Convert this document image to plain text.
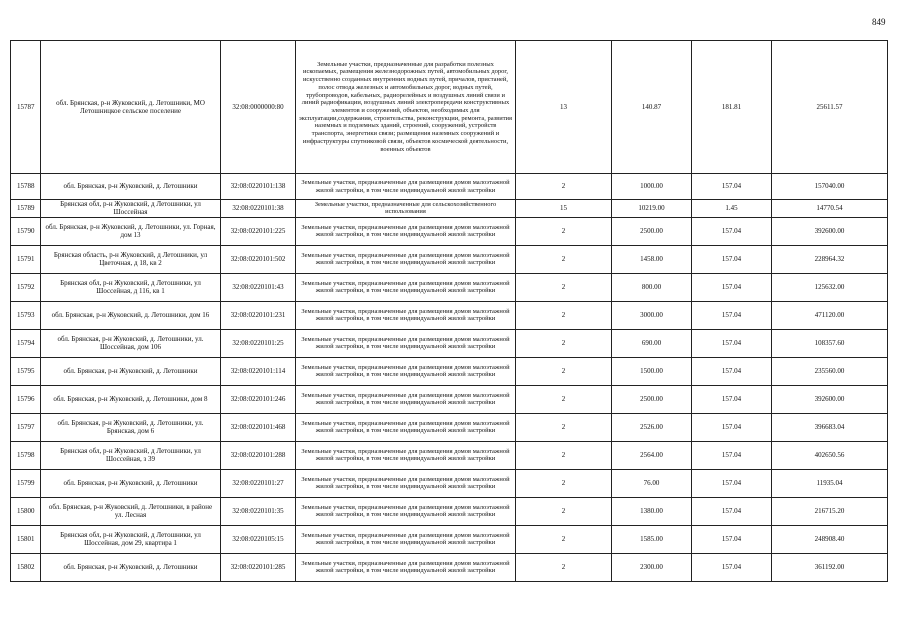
849
15787	обл. Брянская, р-н Жуковский, д. Летошники, МО Летошницкое сельское поселение	32:08:0000000:80	Земельные участки, предназначенные для разработки полезных ископаемых, размещения железнодорожных путей, автомобильных дорог, искусственно созданных внутренних водных путей, причалов, пристаней, полос отвода железных и автомобильных дорог, водных путей, трубопроводов, кабельных, радиорелейных и воздушных линий связи и линий радиофикации, воздушных линий электропередачи конструктивных элементов и сооружений, объектов, необходимых для эксплуатации,содержания, строительства, реконструкции, ремонта, развития наземных и подземных зданий, строений, сооружений, устройств транспорта, энергетики связи; размещения наземных сооружений и инфраструктуры спутниковой связи, объектов космической деятельности, военных объектов	13	140.87	181.81	25611.57
15788	обл. Брянская, р-н Жуковский, д. Летошники	32:08:0220101:138	Земельные участки, предназначенные для размещения домов малоэтажной жилой застройки, в том числе индивидуальной жилой застройки	2	1000.00	157.04	157040.00
15789	Брянская обл, р-н Жуковский, д Летошники, ул Шоссейная	32:08:0220101:38	Земельные участки, предназначенные для сельскохозяйственного использования	15	10219.00	1.45	14770.54
15790	обл. Брянская, р-н Жуковский, д. Летошники, ул. Горная, дом 13	32:08:0220101:225	Земельные участки, предназначенные для размещения домов малоэтажной жилой застройки, в том числе индивидуальной жилой застройки	2	2500.00	157.04	392600.00
15791	Брянская область, р-н Жуковский, д Летошники, ул Цветочная, д 18, кв 2	32:08:0220101:502	Земельные участки, предназначенные для размещения домов малоэтажной жилой застройки, в том числе индивидуальной жилой застройки	2	1458.00	157.04	228964.32
15792	Брянская обл, р-н Жуковский, д Летошники, ул Шоссейная, д 116, кв 1	32:08:0220101:43	Земельные участки, предназначенные для размещения домов малоэтажной жилой застройки, в том числе индивидуальной жилой застройки	2	800.00	157.04	125632.00
15793	обл. Брянская, р-н Жуковский, д. Летошники, дом 16	32:08:0220101:231	Земельные участки, предназначенные для размещения домов малоэтажной жилой застройки, в том числе индивидуальной жилой застройки	2	3000.00	157.04	471120.00
15794	обл. Брянская, р-н Жуковский, д. Летошники, ул. Шоссейная, дом 106	32:08:0220101:25	Земельные участки, предназначенные для размещения домов малоэтажной жилой застройки, в том числе индивидуальной жилой застройки	2	690.00	157.04	108357.60
15795	обл. Брянская, р-н Жуковский, д. Летошники	32:08:0220101:114	Земельные участки, предназначенные для размещения домов малоэтажной жилой застройки, в том числе индивидуальной жилой застройки	2	1500.00	157.04	235560.00
15796	обл. Брянская, р-н Жуковский, д. Летошники, дом 8	32:08:0220101:246	Земельные участки, предназначенные для размещения домов малоэтажной жилой застройки, в том числе индивидуальной жилой застройки	2	2500.00	157.04	392600.00
15797	обл. Брянская, р-н Жуковский, д. Летошники, ул. Брянская, дом 6	32:08:0220101:468	Земельные участки, предназначенные для размещения домов малоэтажной жилой застройки, в том числе индивидуальной жилой застройки	2	2526.00	157.04	396683.04
15798	Брянская обл, р-н Жуковский, д Летошники, ул Шоссейная, з 39	32:08:0220101:288	Земельные участки, предназначенные для размещения домов малоэтажной жилой застройки, в том числе индивидуальной жилой застройки	2	2564.00	157.04	402650.56
15799	обл. Брянская, р-н Жуковский, д. Летошники	32:08:0220101:27	Земельные участки, предназначенные для размещения домов малоэтажной жилой застройки, в том числе индивидуальной жилой застройки	2	76.00	157.04	11935.04
15800	обл. Брянская, р-н Жуковский, д. Летошники, в районе ул. Лесная	32:08:0220101:35	Земельные участки, предназначенные для размещения домов малоэтажной жилой застройки, в том числе индивидуальной жилой застройки	2	1380.00	157.04	216715.20
15801	Брянская обл, р-н Жуковский, д Летошники, ул Шоссейная, дом 29, квартира 1	32:08:0220105:15	Земельные участки, предназначенные для размещения домов малоэтажной жилой застройки, в том числе индивидуальной жилой застройки	2	1585.00	157.04	248908.40
15802	обл. Брянская, р-н Жуковский, д. Летошники	32:08:0220101:285	Земельные участки, предназначенные для размещения домов малоэтажной жилой застройки, в том числе индивидуальной жилой застройки	2	2300.00	157.04	361192.00
